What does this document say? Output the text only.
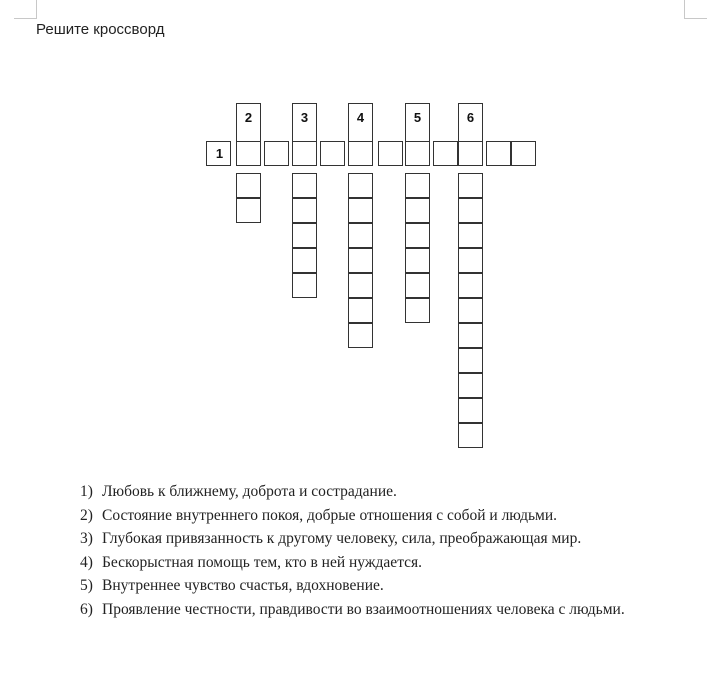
Решите кроссворд
1
2	3	4	5	6
1) Любовь к ближнему, доброта и сострадание.
2) Состояние внутреннего покоя, добрые отношения с собой и людьми.
3) Глубокая привязанность к другому человеку, сила, преображающая мир.
4) Бескорыстная помощь тем, кто в ней нуждается.
5) Внутреннее чувство счастья, вдохновение.
6) Проявление честности, правдивости во взаимоотношениях человека с людьми.
